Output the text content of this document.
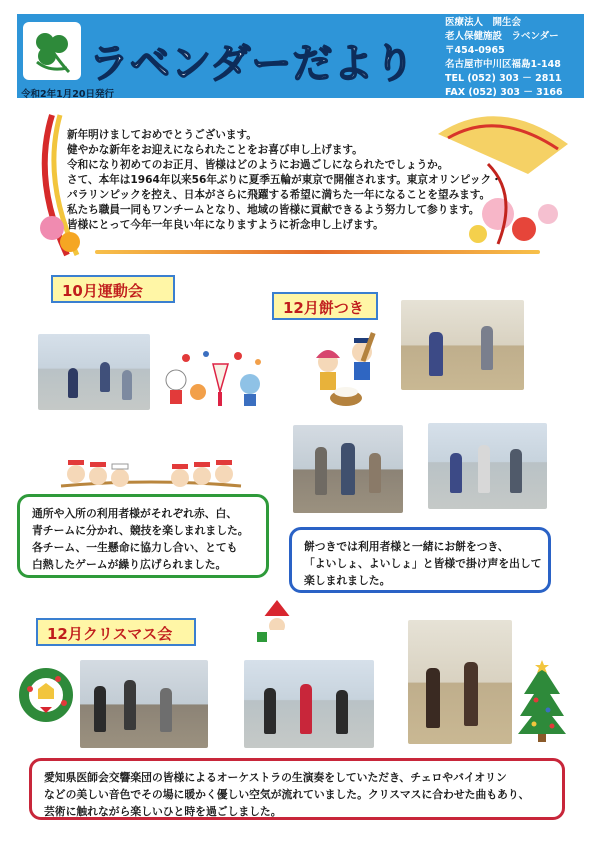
ラベンダーだより
医療法人　開生会
老人保健施設　ラベンダー
〒454-0965
名古屋市中川区福島1-148
TEL (052) 303 － 2811
FAX (052) 303 － 3166
令和2年1月20日発行

新年明けましておめでとうございます。

健やかな新年をお迎えになられたことをお喜び申し上げます。

令和になり初めてのお正月、皆様はどのようにお過ごしになられたでしょうか。

さて、本年は1964年以来56年ぶりに夏季五輪が東京で開催されます。東京オリンピック・

パラリンピックを控え、日本がさらに飛躍する希望に満ちた一年になることを望みます。

私たち職員一同もワンチームとなり、地域の皆様に貢献できるよう努力して参ります。

皆様にとって今年一年良い年になりますように祈念申し上げます。

10月運動会

通所や入所の利用者様がそれぞれ赤、白、

青チームに分かれ、競技を楽しまれました。

各チーム、一生懸命に協力し合い、とても

白熱したゲームが繰り広げられました。

12月餅つき

餅つきでは利用者様と一緒にお餅をつき、

「よいしょ、よいしょ」と皆様で掛け声を出して

楽しまれました。

12月クリスマス会

愛知県医師会交響楽団の皆様によるオーケストラの生演奏をしていただき、チェロやバイオリン

などの美しい音色でその場に暖かく優しい空気が流れていました。クリスマスに合わせた曲もあり、

芸術に触れながら楽しいひと時を過ごしました。
